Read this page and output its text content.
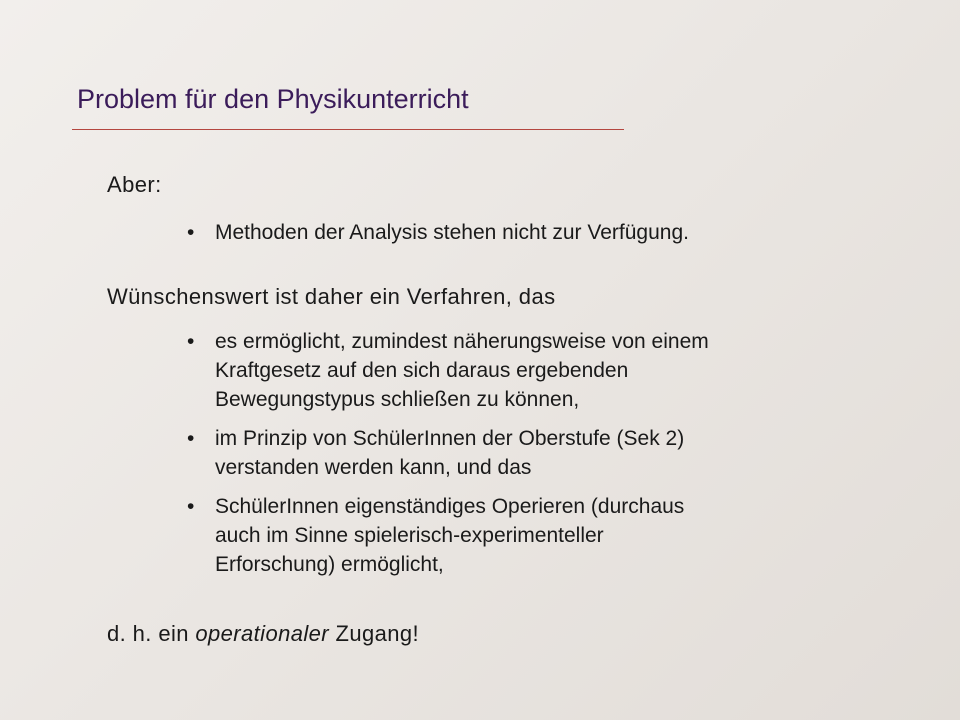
Problem für den Physikunterricht
Aber:
• Methoden der Analysis stehen nicht zur Verfügung.
Wünschenswert ist daher ein Verfahren, das
• es ermöglicht, zumindest näherungsweise von einem
Kraftgesetz auf den sich daraus ergebenden
Bewegungstypus schließen zu können,
• im Prinzip von SchülerInnen der Oberstufe (Sek 2)
verstanden werden kann, und das
• SchülerInnen eigenständiges Operieren (durchaus
auch im Sinne spielerisch-experimenteller
Erforschung) ermöglicht,
d. h. ein operationaler Zugang!
